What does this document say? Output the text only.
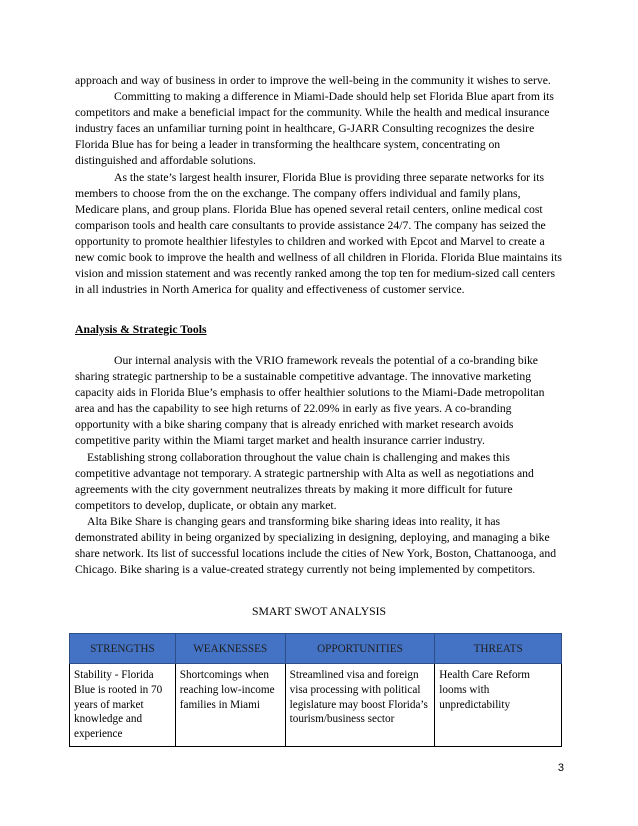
approach and way of business in order to improve the well-being in the community it wishes to serve.
Committing to making a difference in Miami-Dade should help set Florida Blue apart from its competitors and make a beneficial impact for the community. While the health and medical insurance industry faces an unfamiliar turning point in healthcare, G-JARR Consulting recognizes the desire Florida Blue has for being a leader in transforming the healthcare system, concentrating on distinguished and affordable solutions.
As the state’s largest health insurer, Florida Blue is providing three separate networks for its members to choose from the on the exchange. The company offers individual and family plans, Medicare plans, and group plans. Florida Blue has opened several retail centers, online medical cost comparison tools and health care consultants to provide assistance 24/7. The company has seized the opportunity to promote healthier lifestyles to children and worked with Epcot and Marvel to create a new comic book to improve the health and wellness of all children in Florida. Florida Blue maintains its vision and mission statement and was recently ranked among the top ten for medium-sized call centers in all industries in North America for quality and effectiveness of customer service.
Analysis & Strategic Tools
Our internal analysis with the VRIO framework reveals the potential of a co-branding bike sharing strategic partnership to be a sustainable competitive advantage. The innovative marketing capacity aids in Florida Blue’s emphasis to offer healthier solutions to the Miami-Dade metropolitan area and has the capability to see high returns of 22.09% in early as five years. A co-branding opportunity with a bike sharing company that is already enriched with market research avoids competitive parity within the Miami target market and health insurance carrier industry.
Establishing strong collaboration throughout the value chain is challenging and makes this competitive advantage not temporary. A strategic partnership with Alta as well as negotiations and agreements with the city government neutralizes threats by making it more difficult for future competitors to develop, duplicate, or obtain any market.
Alta Bike Share is changing gears and transforming bike sharing ideas into reality, it has demonstrated ability in being organized by specializing in designing, deploying, and managing a bike share network. Its list of successful locations include the cities of New York, Boston, Chattanooga, and Chicago. Bike sharing is a value-created strategy currently not being implemented by competitors.
SMART SWOT ANALYSIS
STRENGTHS	WEAKNESSES	OPPORTUNITIES	THREATS
Stability - Florida Blue is rooted in 70 years of market knowledge and experience	Shortcomings when reaching low-income families in Miami	Streamlined visa and foreign visa processing with political legislature may boost Florida’s tourism/business sector	Health Care Reform looms with unpredictability
3
